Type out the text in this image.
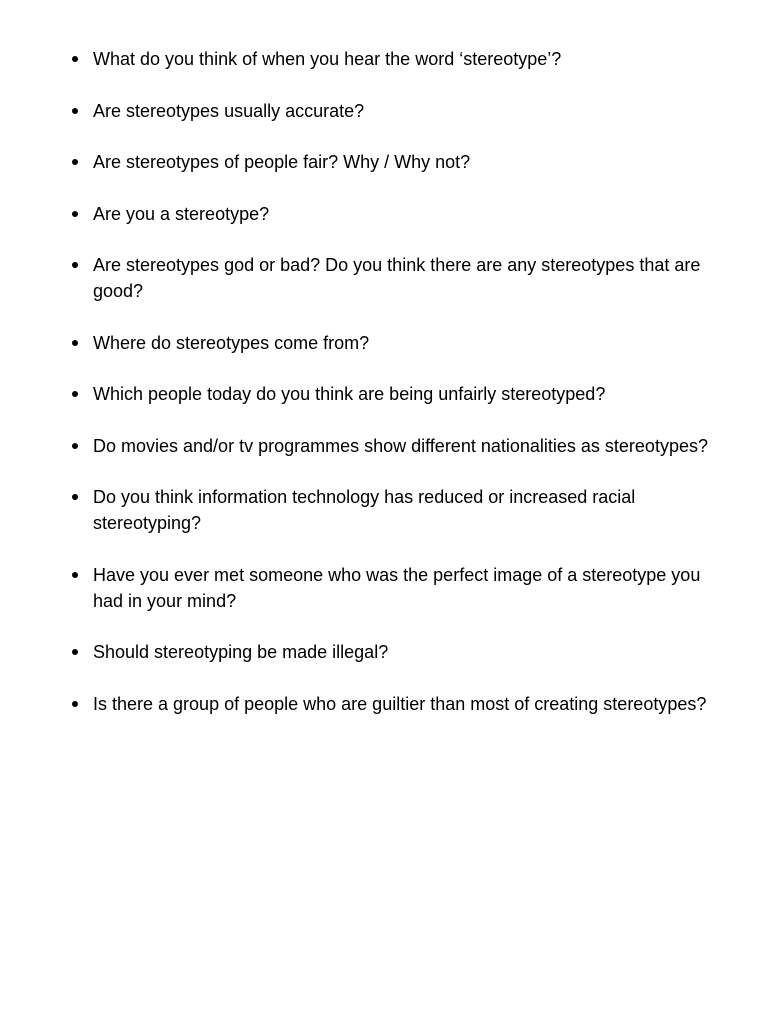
What do you think of when you hear the word ‘stereotype’?
Are stereotypes usually accurate?
Are stereotypes of people fair? Why / Why not?
Are you a stereotype?
Are stereotypes god or bad? Do you think there are any stereotypes that are good?
Where do stereotypes come from?
Which people today do you think are being unfairly stereotyped?
Do movies and/or tv programmes show different nationalities as stereotypes?
Do you think information technology has reduced or increased racial stereotyping?
Have you ever met someone who was the perfect image of a stereotype you had in your mind?
Should stereotyping be made illegal?
Is there a group of people who are guiltier than most of creating stereotypes?
